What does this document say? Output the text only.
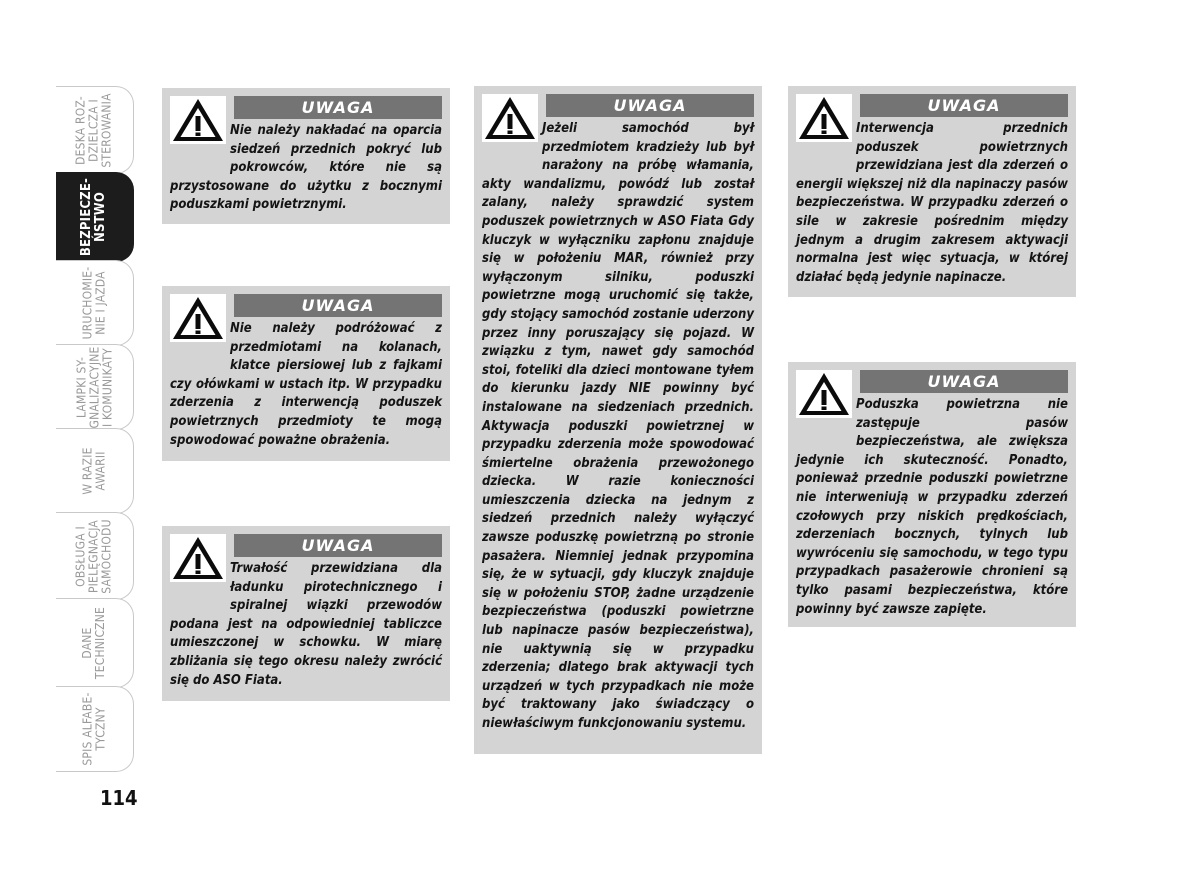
DESKA ROZ-
DZIELCZA I
STEROWANIA
BEZPIECZE-
ŃSTWO
URUCHOMIE-
NIE I JAZDA
LAMPKI SY-
GNALIZACYJNE
I KOMUNIKATY
W RAZIE
AWARII
OBSŁUGA I
PIELĘGNACJA
SAMOCHODU
DANE
TECHNICZNE
SPIS ALFABE-
TYCZNY
114
UWAGA
Nie należy nakładać na oparcia siedzeń przednich pokryć lub pokrowców, które nie są przystosowane do użytku z bocznymi poduszkami powietrznymi.
UWAGA
Nie należy podróżować z przedmiotami na kolanach, klatce piersiowej lub z fajkami czy ołówkami w ustach itp. W przypadku zderzenia z interwencją poduszek powietrznych przedmioty te mogą spowodować poważne obrażenia.
UWAGA
Trwałość przewidziana dla ładunku pirotechnicznego i spiralnej wiązki przewodów podana jest na odpowiedniej tabliczce umieszczonej w schowku. W miarę zbliżania się tego okresu należy zwrócić się do ASO Fiata.
UWAGA
Jeżeli samochód był przedmiotem kradzieży lub był narażony na próbę włamania, akty wandalizmu, powódź lub został zalany, należy sprawdzić system poduszek powietrznych w ASO Fiata Gdy kluczyk w wyłączniku zapłonu znajduje się w położeniu MAR, również przy wyłączonym silniku, poduszki powietrzne mogą uruchomić się także, gdy stojący samochód zostanie uderzony przez inny poruszający się pojazd. W związku z tym, nawet gdy samochód stoi, foteliki dla dzieci montowane tyłem do kierunku jazdy NIE powinny być instalowane na siedzeniach przednich. Aktywacja poduszki powietrznej w przypadku zderzenia może spowodować śmiertelne obrażenia przewożonego dziecka. W razie konieczności umieszczenia dziecka na jednym z siedzeń przednich należy wyłączyć zawsze poduszkę powietrzną po stronie pasażera. Niemniej jednak przypomina się, że w sytuacji, gdy kluczyk znajduje się w położeniu STOP, żadne urządzenie bezpieczeństwa (poduszki powietrzne lub napinacze pasów bezpieczeństwa), nie uaktywnią się w przypadku zderzenia; dlatego brak aktywacji tych urządzeń w tych przypadkach nie może być traktowany jako świadczący o niewłaściwym funkcjonowaniu systemu.
UWAGA
Interwencja przednich poduszek powietrznych przewidziana jest dla zderzeń o energii większej niż dla napinaczy pasów bezpieczeństwa. W przypadku zderzeń o sile w zakresie pośrednim między jednym a drugim zakresem aktywacji normalna jest więc sytuacja, w której działać będą jedynie napinacze.
UWAGA
Poduszka powietrzna nie zastępuje pasów bezpieczeństwa, ale zwiększa jedynie ich skuteczność. Ponadto, ponieważ przednie poduszki powietrzne nie interweniują w przypadku zderzeń czołowych przy niskich prędkościach, zderzeniach bocznych, tylnych lub wywróceniu się samochodu, w tego typu przypadkach pasażerowie chronieni są tylko pasami bezpieczeństwa, które powinny być zawsze zapięte.
